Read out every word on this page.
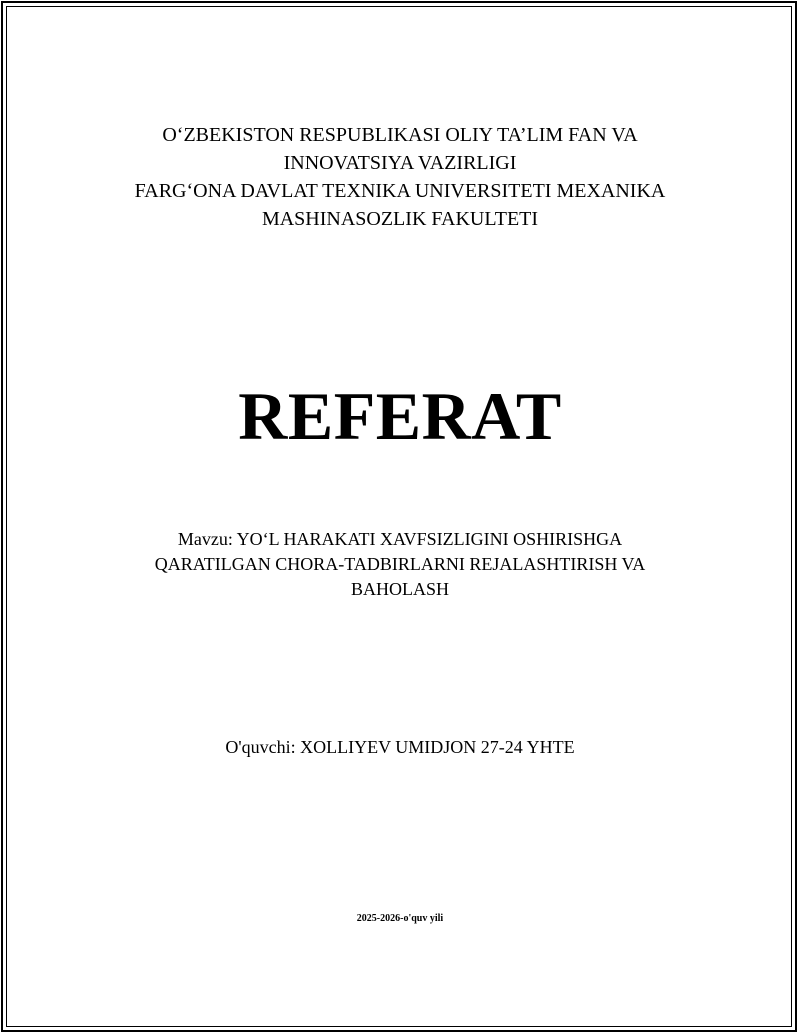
O‘ZBEKISTON RESPUBLIKASI OLIY TA’LIM FAN VA
INNOVATSIYA VAZIRLIGI
FARG‘ONA DAVLAT TEXNIKA UNIVERSITETI MEXANIKA
MASHINASOZLIK FAKULTETI
REFERAT
Mavzu: YO‘L HARAKATI XAVFSIZLIGINI OSHIRISHGA
QARATILGAN CHORA-TADBIRLARNI REJALASHTIRISH VA
BAHOLASH
O'quvchi: XOLLIYEV UMIDJON 27-24 YHTE
2025-2026-o'quv yili
